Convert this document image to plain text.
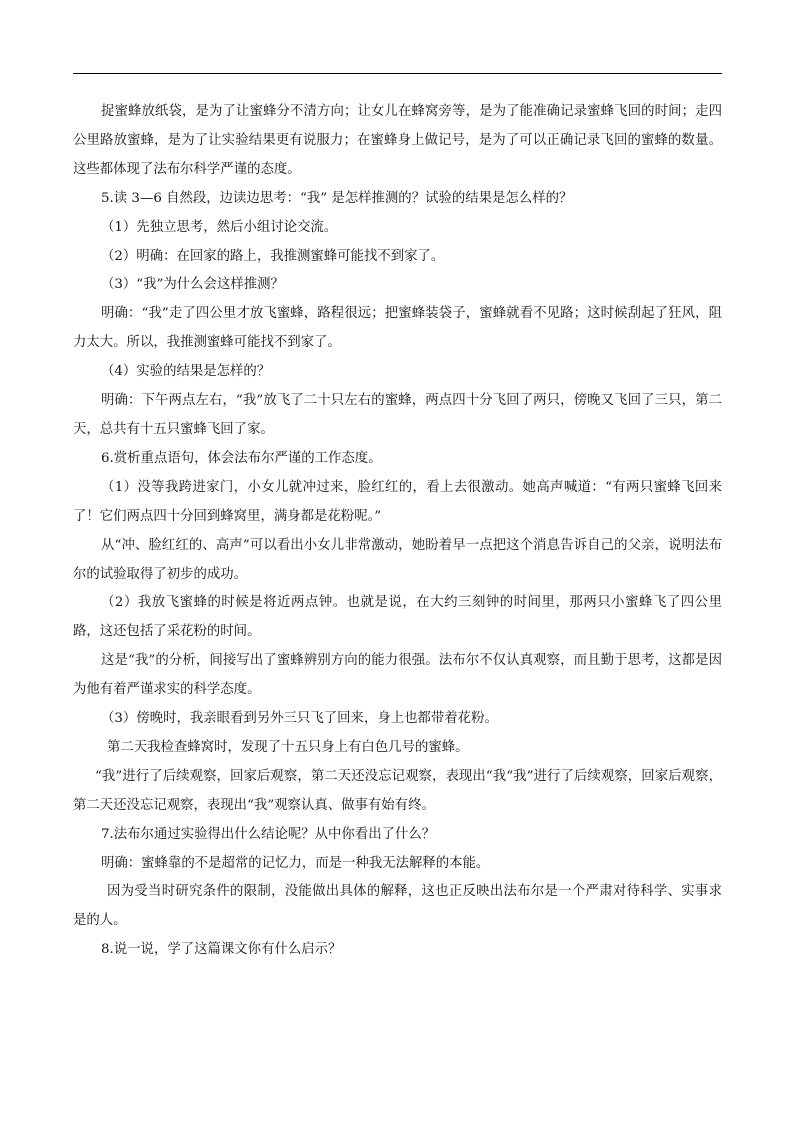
捉蜜蜂放纸袋，是为了让蜜蜂分不清方向；让女儿在蜂窝旁等，是为了能准确记录蜜蜂飞回的时间；走四公里路放蜜蜂，是为了让实验结果更有说服力；在蜜蜂身上做记号，是为了可以正确记录飞回的蜜蜂的数量。这些都体现了法布尔科学严谨的态度。

5.读 3—6 自然段，边读边思考：“我” 是怎样推测的？试验的结果是怎么样的？

（1）先独立思考，然后小组讨论交流。

（2）明确：在回家的路上，我推测蜜蜂可能找不到家了。

（3）“我”为什么会这样推测？

明确：“我”走了四公里才放飞蜜蜂，路程很远；把蜜蜂装袋子，蜜蜂就看不见路；这时候刮起了狂风，阻力太大。所以，我推测蜜蜂可能找不到家了。

（4）实验的结果是怎样的？

明确：下午两点左右，“我”放飞了二十只左右的蜜蜂，两点四十分飞回了两只，傍晚又飞回了三只，第二天，总共有十五只蜜蜂飞回了家。

6.赏析重点语句，体会法布尔严谨的工作态度。

（1）没等我跨进家门，小女儿就冲过来，脸红红的，看上去很激动。她高声喊道：“有两只蜜蜂飞回来了！它们两点四十分回到蜂窝里，满身都是花粉呢。”

从“冲、脸红红的、高声”可以看出小女儿非常激动，她盼着早一点把这个消息告诉自己的父亲，说明法布尔的试验取得了初步的成功。

（2）我放飞蜜蜂的时候是将近两点钟。也就是说，在大约三刻钟的时间里，那两只小蜜蜂飞了四公里路，这还包括了采花粉的时间。

这是“我”的分析，间接写出了蜜蜂辨别方向的能力很强。法布尔不仅认真观察，而且勤于思考，这都是因为他有着严谨求实的科学态度。

（3）傍晚时，我亲眼看到另外三只飞了回来，身上也都带着花粉。

第二天我检查蜂窝时，发现了十五只身上有白色几号的蜜蜂。

“我”进行了后续观察，回家后观察，第二天还没忘记观察，表现出“我“我”进行了后续观察，回家后观察，第二天还没忘记观察，表现出“我”观察认真、做事有始有终。

7.法布尔通过实验得出什么结论呢？从中你看出了什么？

明确：蜜蜂靠的不是超常的记忆力，而是一种我无法解释的本能。

因为受当时研究条件的限制，没能做出具体的解释，这也正反映出法布尔是一个严肃对待科学、实事求是的人。

8.说一说，学了这篇课文你有什么启示？
